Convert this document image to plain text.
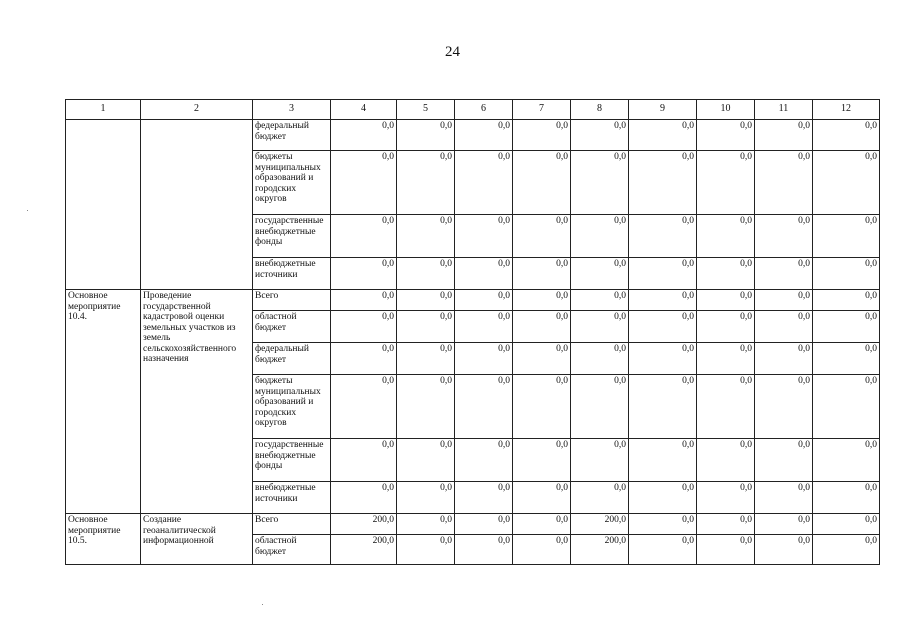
24
1	2	3	4	5	6	7	8	9	10	11	12
		федеральный бюджет	0,0	0,0	0,0	0,0	0,0	0,0	0,0	0,0	0,0
		бюджеты муниципальных образований и городских округов	0,0	0,0	0,0	0,0	0,0	0,0	0,0	0,0	0,0
		государственные внебюджетные фонды	0,0	0,0	0,0	0,0	0,0	0,0	0,0	0,0	0,0
		внебюджетные источники	0,0	0,0	0,0	0,0	0,0	0,0	0,0	0,0	0,0
Основное мероприятие 10.4.	Проведение государственной кадастровой оценки земельных участков из земель сельскохозяйственного назначения	Всего	0,0	0,0	0,0	0,0	0,0	0,0	0,0	0,0	0,0
		областной бюджет	0,0	0,0	0,0	0,0	0,0	0,0	0,0	0,0	0,0
		федеральный бюджет	0,0	0,0	0,0	0,0	0,0	0,0	0,0	0,0	0,0
		бюджеты муниципальных образований и городских округов	0,0	0,0	0,0	0,0	0,0	0,0	0,0	0,0	0,0
		государственные внебюджетные фонды	0,0	0,0	0,0	0,0	0,0	0,0	0,0	0,0	0,0
		внебюджетные источники	0,0	0,0	0,0	0,0	0,0	0,0	0,0	0,0	0,0
Основное мероприятие 10.5.	Создание геоаналитической информационной	Всего	200,0	0,0	0,0	0,0	200,0	0,0	0,0	0,0	0,0
		областной бюджет	200,0	0,0	0,0	0,0	200,0	0,0	0,0	0,0	0,0
